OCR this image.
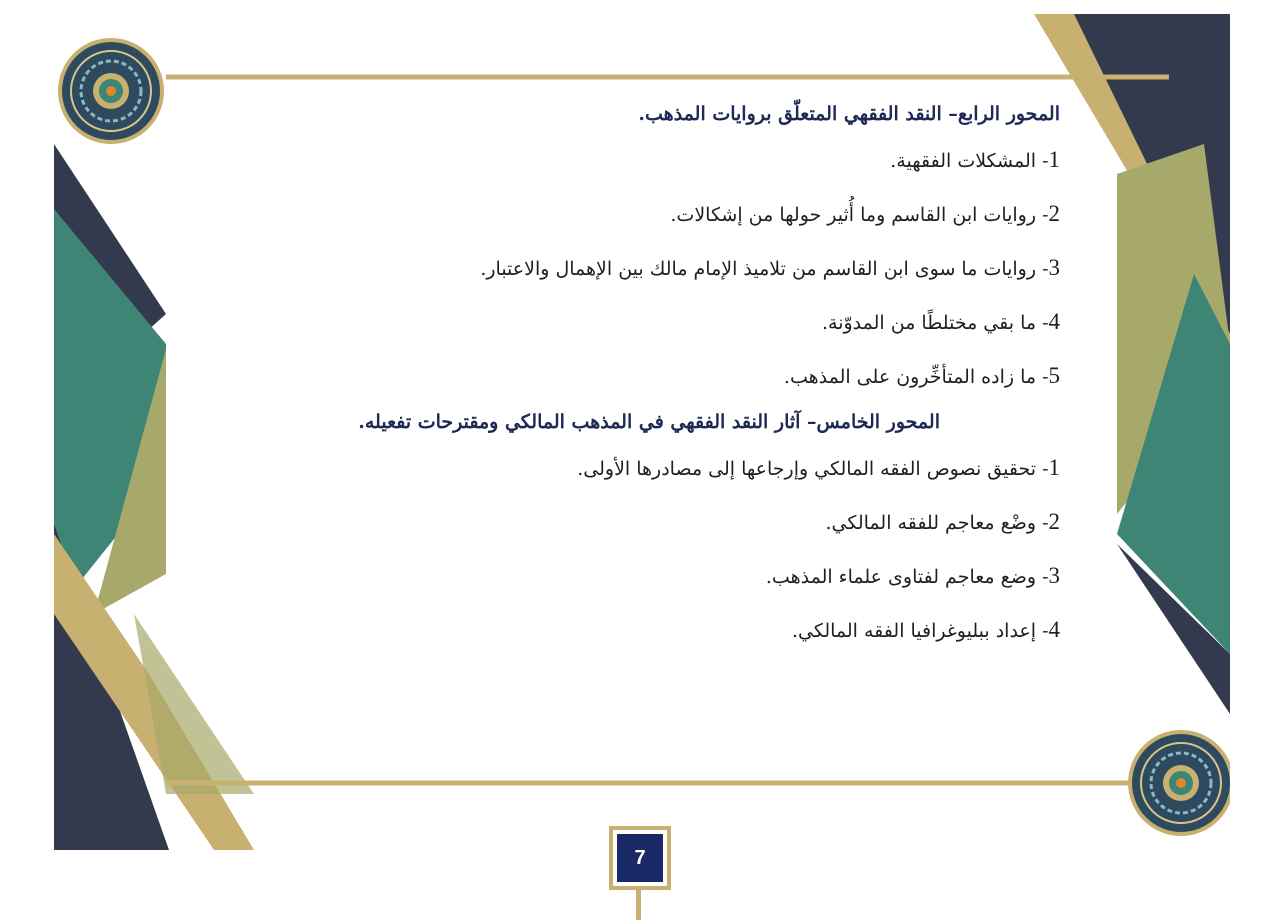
المحور الرابع– النقد الفقهي المتعلّق بروايات المذهب.
1- المشكلات الفقهية.
2- روايات ابن القاسم وما أُثير حولها من إشكالات.
3- روايات ما سوى ابن القاسم من تلاميذ الإمام مالك بين الإهمال والاعتبار.
4- ما بقي مختلطًا من المدوّنة.
5- ما زاده المتأخِّرون على المذهب.
المحور الخامس– آثار النقد الفقهي في المذهب المالكي ومقترحات تفعيله.
1- تحقيق نصوص الفقه المالكي وإرجاعها إلى مصادرها الأولى.
2- وضْع معاجم للفقه المالكي.
3- وضع معاجم لفتاوى علماء المذهب.
4- إعداد ببليوغرافيا الفقه المالكي.
7
